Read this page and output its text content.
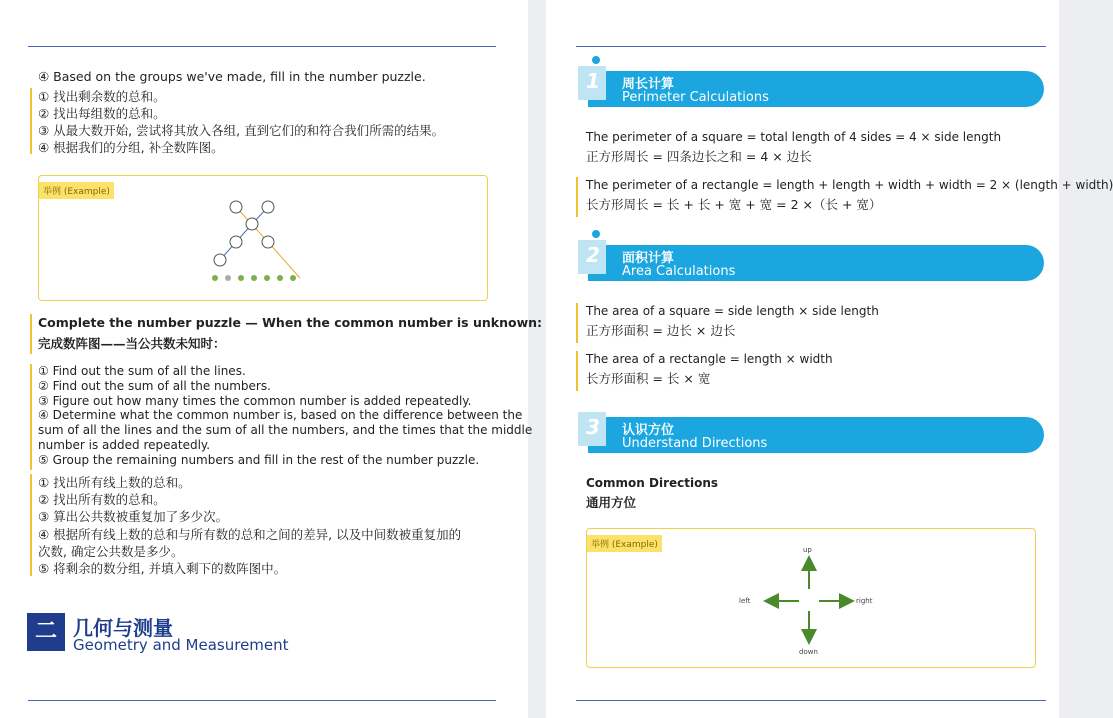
④ Based on the groups we've made, fill in the number puzzle.
① 找出剩余数的总和。
② 找出每组数的总和。
③ 从最大数开始, 尝试将其放入各组, 直到它们的和符合我们所需的结果。
④ 根据我们的分组, 补全数阵图。
举例 (Example)
Complete the number puzzle — When the common number is unknown:
完成数阵图——当公共数未知时：
① Find out the sum of all the lines.
② Find out the sum of all the numbers.
③ Figure out how many times the common number is added repeatedly.
④ Determine what the common number is, based on the difference between the
sum of all the lines and the sum of all the numbers, and the times that the middle
number is added repeatedly.
⑤ Group the remaining numbers and fill in the rest of the number puzzle.
① 找出所有线上数的总和。
② 找出所有数的总和。
③ 算出公共数被重复加了多少次。
④ 根据所有线上数的总和与所有数的总和之间的差异, 以及中间数被重复加的
次数, 确定公共数是多少。
⑤ 将剩余的数分组, 并填入剩下的数阵图中。
二 几何与测量
Geometry and Measurement
1 周长计算
Perimeter Calculations
The perimeter of a square = total length of 4 sides = 4 × side length
正方形周长 = 四条边长之和 = 4 × 边长
The perimeter of a rectangle = length + length + width + width = 2 × (length + width)
长方形周长 = 长 + 长 + 宽 + 宽 = 2 ×（长 + 宽）
2 面积计算
Area Calculations
The area of a square = side length × side length
正方形面积 = 边长 × 边长
The area of a rectangle = length × width
长方形面积 = 长 × 宽
3 认识方位
Understand Directions
Common Directions
通用方位
举例 (Example)	up
down
left	right
